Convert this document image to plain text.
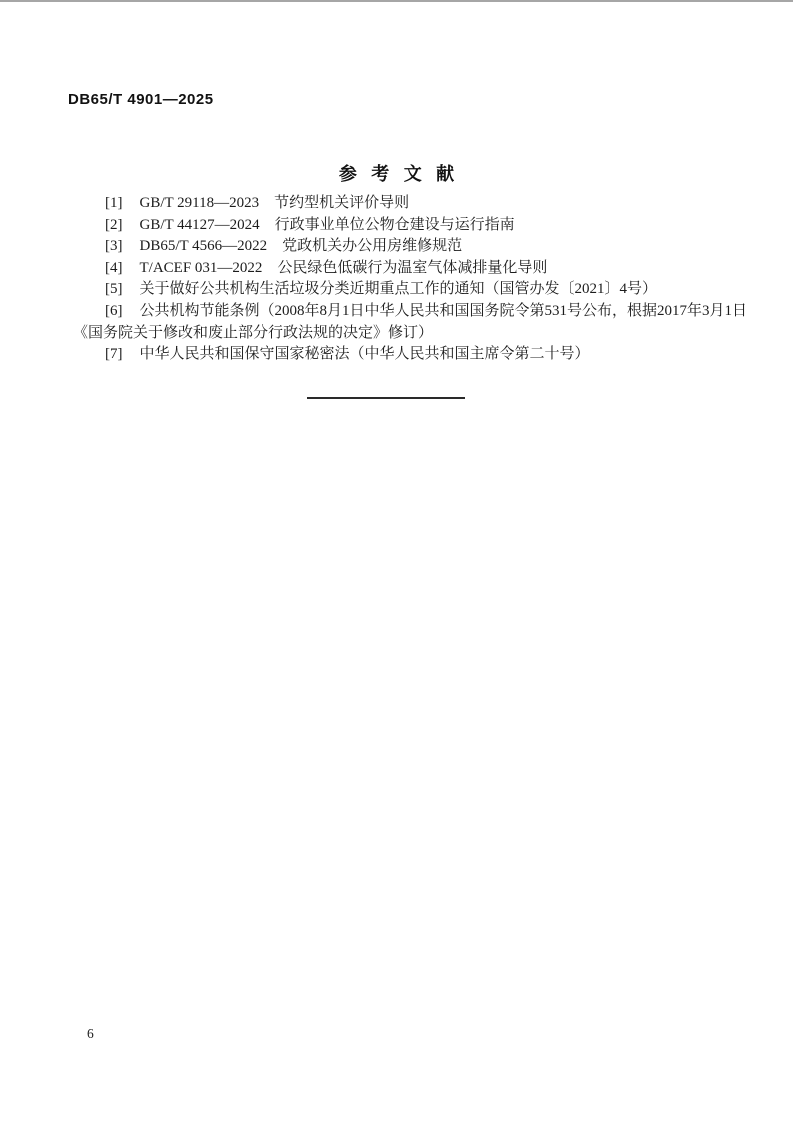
DB65/T 4901—2025
参考文献
[1] GB/T 29118—2023　节约型机关评价导则
[2] GB/T 44127—2024　行政事业单位公物仓建设与运行指南
[3] DB65/T 4566—2022　党政机关办公用房维修规范
[4] T/ACEF 031—2022　公民绿色低碳行为温室气体减排量化导则
[5] 关于做好公共机构生活垃圾分类近期重点工作的通知（国管办发〔2021〕4号）
[6] 公共机构节能条例（2008年8月1日中华人民共和国国务院令第531号公布，根据2017年3月1日
《国务院关于修改和废止部分行政法规的决定》修订）
[7] 中华人民共和国保守国家秘密法（中华人民共和国主席令第二十号）
6
